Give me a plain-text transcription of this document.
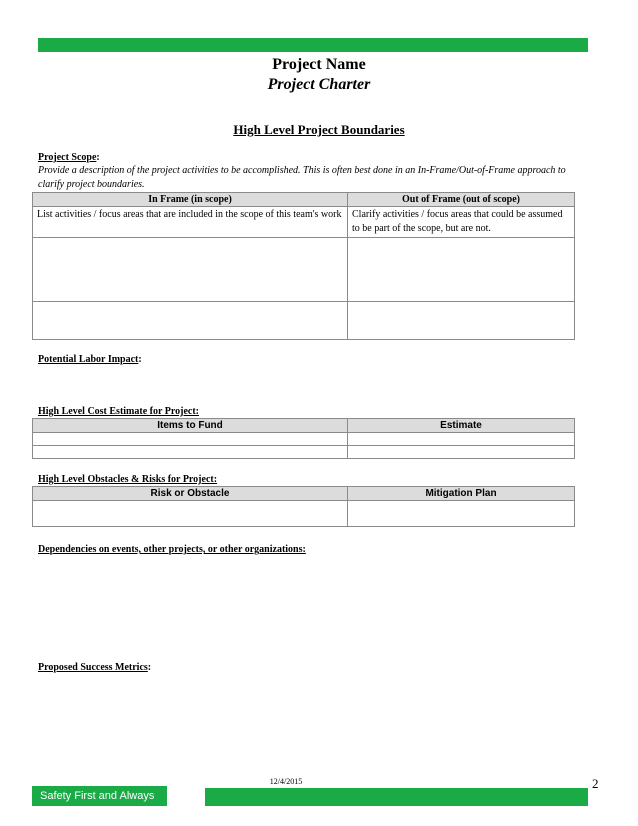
Project Name
Project Charter
High Level Project Boundaries
Project Scope:
Provide a description of the project activities to be accomplished. This is often best done in an In-Frame/Out-of-Frame approach to clarify project boundaries.
In Frame (in scope)	Out of Frame (out of scope)
List activities / focus areas that are included in the scope of this team's work	Clarify activities / focus areas that could be assumed to be part of the scope, but are not.

Potential Labor Impact:
High Level Cost Estimate for Project:
Items to Fund	Estimate

High Level Obstacles & Risks for Project:
Risk or Obstacle	Mitigation Plan

Dependencies on events, other projects, or other organizations:
Proposed Success Metrics:
12/4/2015	2
Safety First and Always
